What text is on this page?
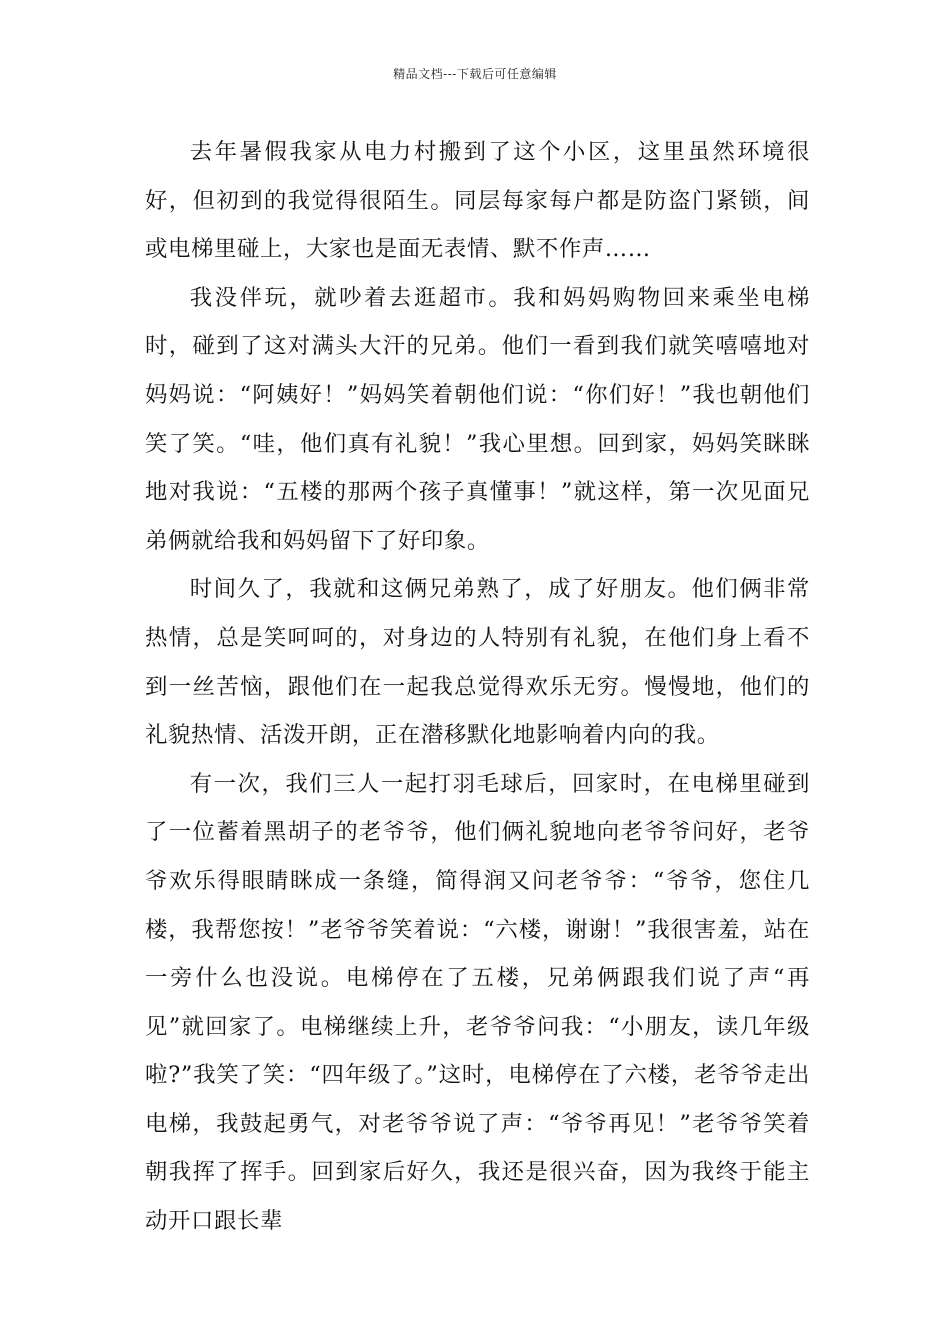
精品文档---下载后可任意编辑

去年暑假我家从电力村搬到了这个小区，这里虽然环境很好，但初到的我觉得很陌生。同层每家每户都是防盗门紧锁，间或电梯里碰上，大家也是面无表情、默不作声……

我没伴玩，就吵着去逛超市。我和妈妈购物回来乘坐电梯时，碰到了这对满头大汗的兄弟。他们一看到我们就笑嘻嘻地对妈妈说：“阿姨好！”妈妈笑着朝他们说：“你们好！”我也朝他们笑了笑。“哇，他们真有礼貌！”我心里想。回到家，妈妈笑眯眯地对我说：“五楼的那两个孩子真懂事！”就这样，第一次见面兄弟俩就给我和妈妈留下了好印象。

时间久了，我就和这俩兄弟熟了，成了好朋友。他们俩非常热情，总是笑呵呵的，对身边的人特别有礼貌，在他们身上看不到一丝苦恼，跟他们在一起我总觉得欢乐无穷。慢慢地，他们的礼貌热情、活泼开朗，正在潜移默化地影响着内向的我。

有一次，我们三人一起打羽毛球后，回家时，在电梯里碰到了一位蓄着黑胡子的老爷爷，他们俩礼貌地向老爷爷问好，老爷爷欢乐得眼睛眯成一条缝，简得润又问老爷爷：“爷爷，您住几楼，我帮您按！”老爷爷笑着说：“六楼，谢谢！”我很害羞，站在一旁什么也没说。电梯停在了五楼，兄弟俩跟我们说了声“再见”就回家了。电梯继续上升，老爷爷问我：“小朋友，读几年级啦?”我笑了笑：“四年级了。”这时，电梯停在了六楼，老爷爷走出电梯，我鼓起勇气，对老爷爷说了声：“爷爷再见！”老爷爷笑着朝我挥了挥手。回到家后好久，我还是很兴奋，因为我终于能主动开口跟长辈
